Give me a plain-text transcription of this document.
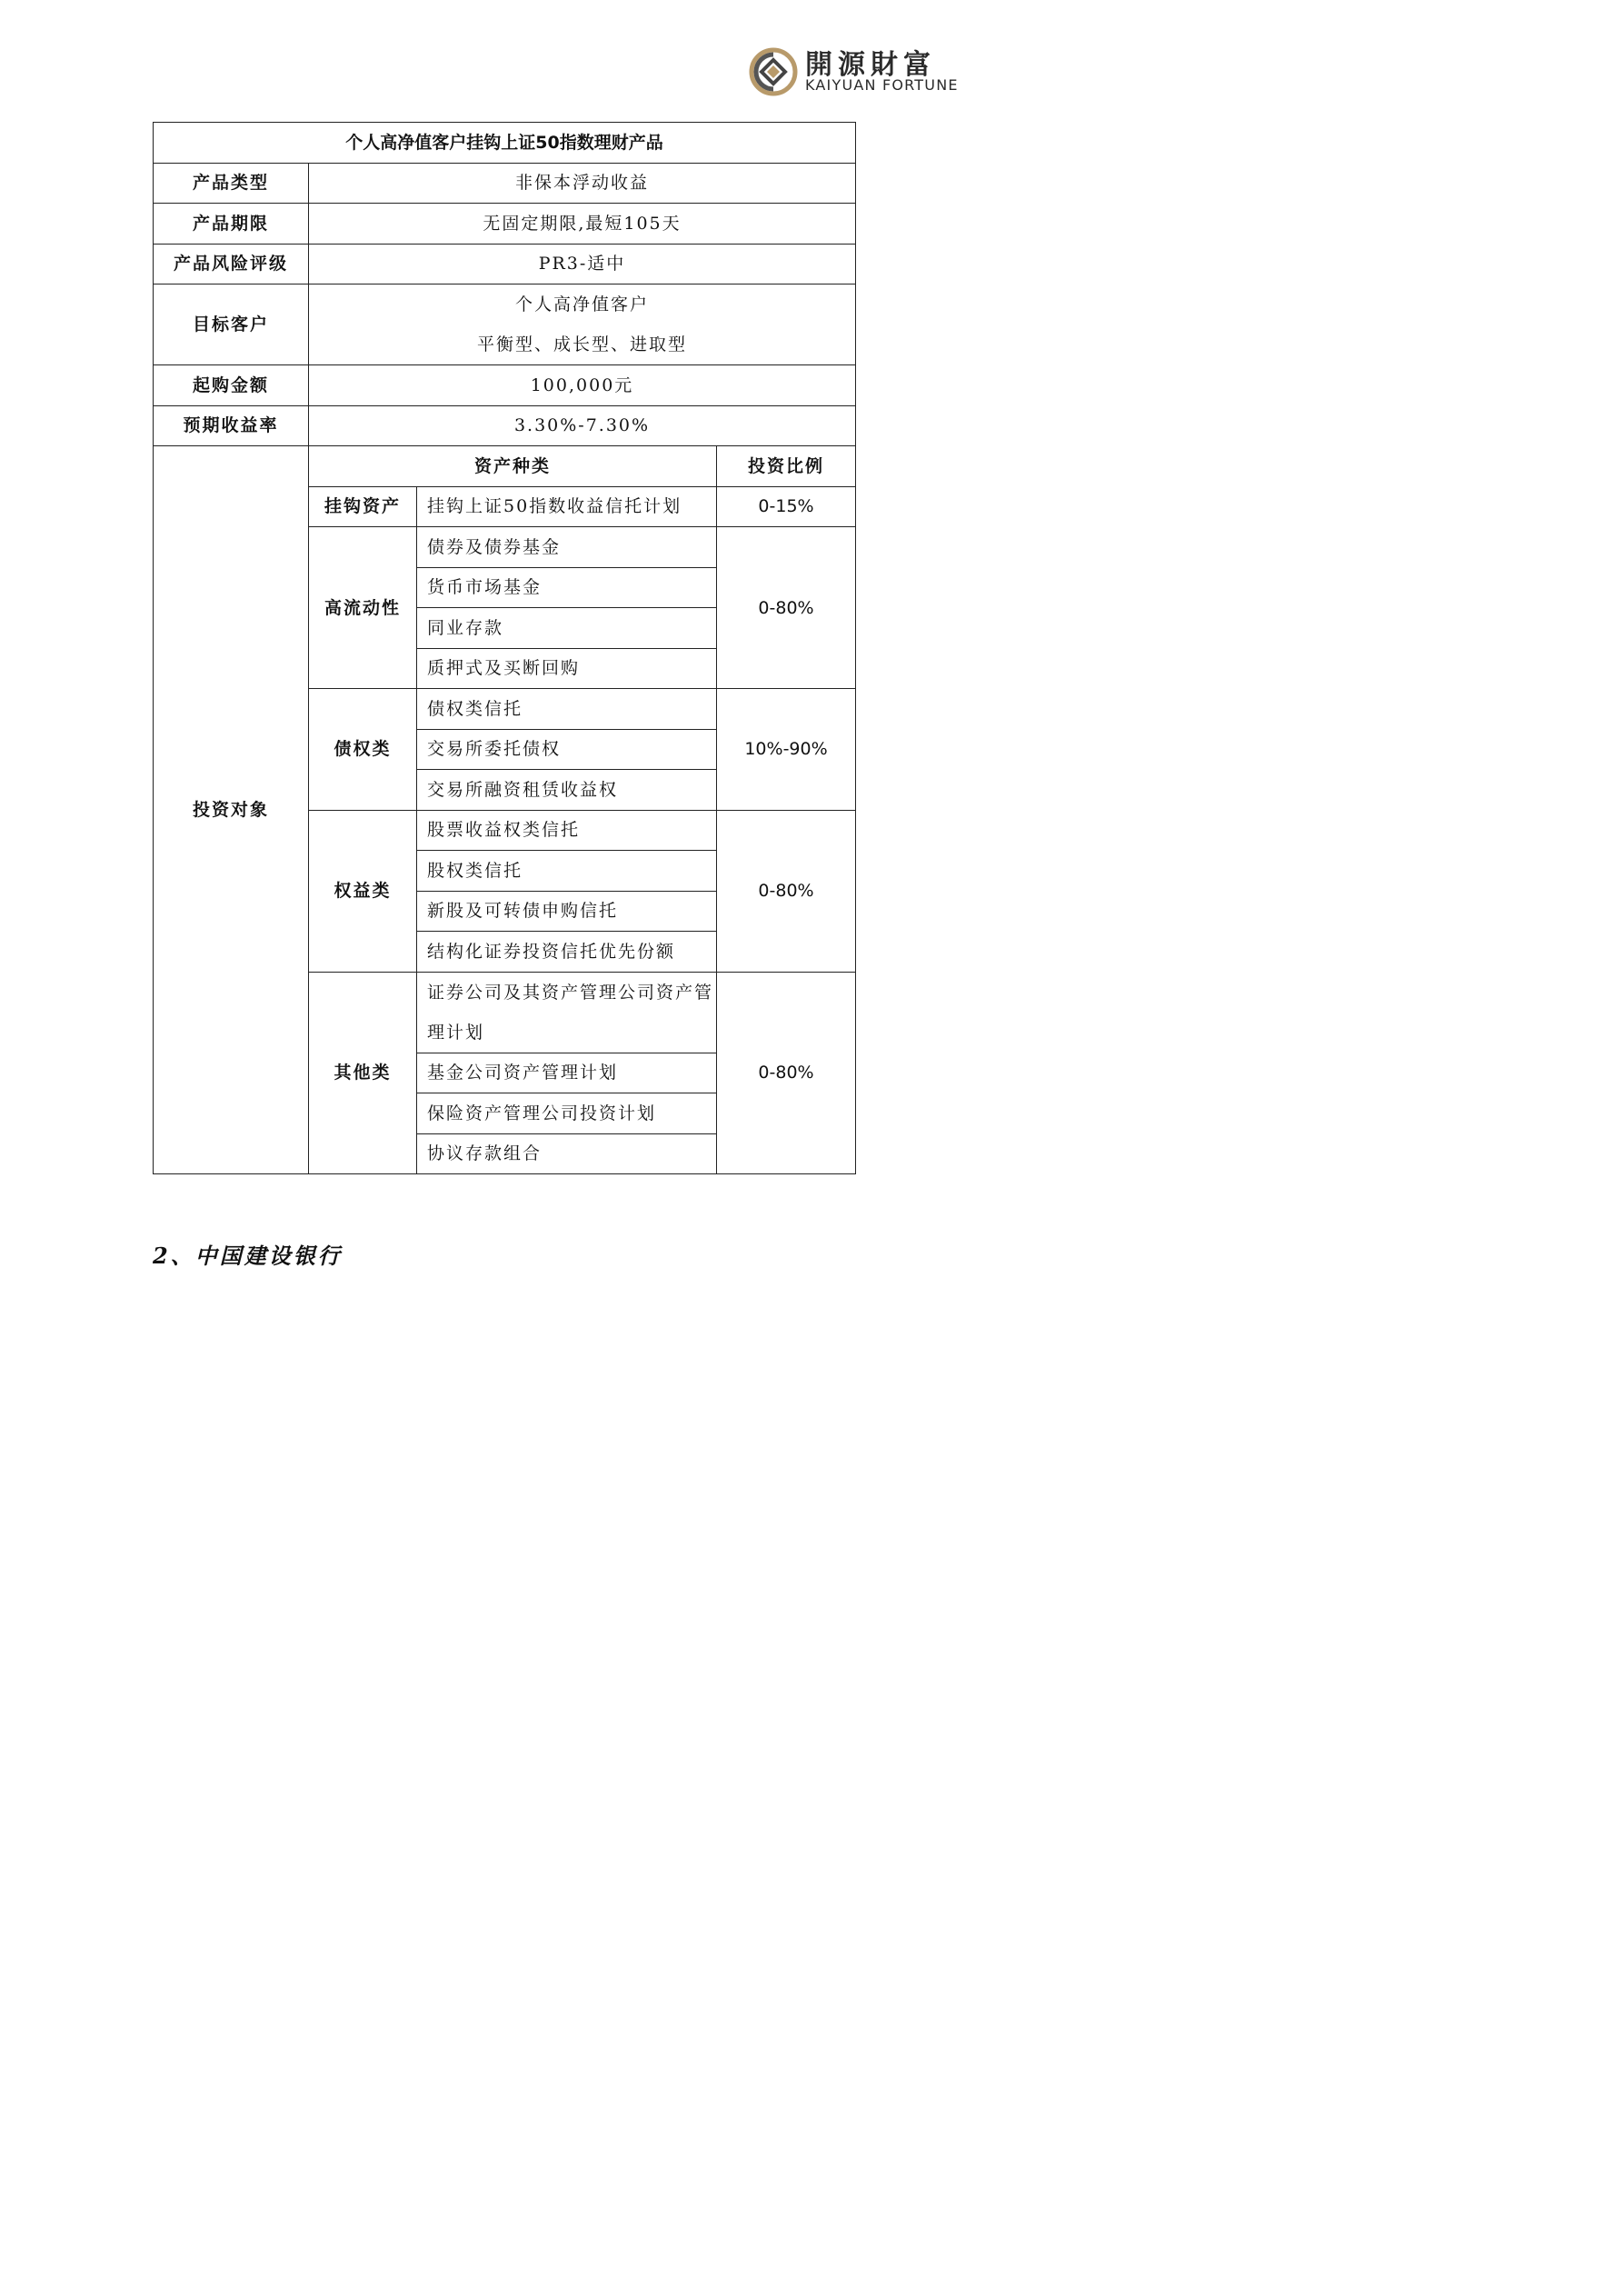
開源財富
KAIYUAN FORTUNE
个人高净值客户挂钩上证50指数理财产品			
产品类型	非保本浮动收益		
产品期限	无固定期限,最短105天		
产品风险评级	PR3-适中		
目标客户	个人高净值客户
平衡型、成长型、进取型		

起购金额	100,000元		
预期收益率	3.30%-7.30%		
投资对象	资产种类		投资比例
	挂钩资产	挂钩上证50指数收益信托计划	0-15%
	高流动性	债券及债券基金	0-80%
		货币市场基金	
		同业存款	
		质押式及买断回购	
	债权类	债权类信托	10%-90%
		交易所委托债权	
		交易所融资租赁收益权	
	权益类	股票收益权类信托	0-80%
		股权类信托	
		新股及可转债申购信托	
		结构化证券投资信托优先份额	
	其他类	证券公司及其资产管理公司资产管理计划	0-80%
		基金公司资产管理计划	
		保险资产管理公司投资计划	
		协议存款组合	
2、中国建设银行
